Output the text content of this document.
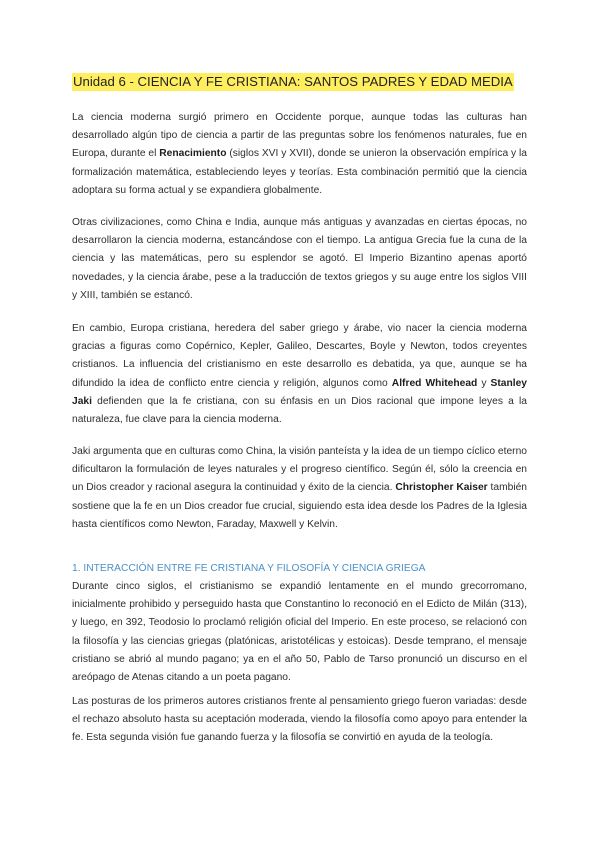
Unidad 6 - CIENCIA Y FE CRISTIANA: SANTOS PADRES Y EDAD MEDIA

La ciencia moderna surgió primero en Occidente porque, aunque todas las culturas han desarrollado algún tipo de ciencia a partir de las preguntas sobre los fenómenos naturales, fue en Europa, durante el Renacimiento (siglos XVI y XVII), donde se unieron la observación empírica y la formalización matemática, estableciendo leyes y teorías. Esta combinación permitió que la ciencia adoptara su forma actual y se expandiera globalmente.

Otras civilizaciones, como China e India, aunque más antiguas y avanzadas en ciertas épocas, no desarrollaron la ciencia moderna, estancándose con el tiempo. La antigua Grecia fue la cuna de la ciencia y las matemáticas, pero su esplendor se agotó. El Imperio Bizantino apenas aportó novedades, y la ciencia árabe, pese a la traducción de textos griegos y su auge entre los siglos VIII y XIII, también se estancó.

En cambio, Europa cristiana, heredera del saber griego y árabe, vio nacer la ciencia moderna gracias a figuras como Copérnico, Kepler, Galileo, Descartes, Boyle y Newton, todos creyentes cristianos. La influencia del cristianismo en este desarrollo es debatida, ya que, aunque se ha difundido la idea de conflicto entre ciencia y religión, algunos como Alfred Whitehead y Stanley Jaki defienden que la fe cristiana, con su énfasis en un Dios racional que impone leyes a la naturaleza, fue clave para la ciencia moderna.

Jaki argumenta que en culturas como China, la visión panteísta y la idea de un tiempo cíclico eterno dificultaron la formulación de leyes naturales y el progreso científico. Según él, sólo la creencia en un Dios creador y racional asegura la continuidad y éxito de la ciencia. Christopher Kaiser también sostiene que la fe en un Dios creador fue crucial, siguiendo esta idea desde los Padres de la Iglesia hasta científicos como Newton, Faraday, Maxwell y Kelvin.

1. INTERACCIÓN ENTRE FE CRISTIANA Y FILOSOFÍA Y CIENCIA GRIEGA

Durante cinco siglos, el cristianismo se expandió lentamente en el mundo grecorromano, inicialmente prohibido y perseguido hasta que Constantino lo reconoció en el Edicto de Milán (313), y luego, en 392, Teodosio lo proclamó religión oficial del Imperio. En este proceso, se relacionó con la filosofía y las ciencias griegas (platónicas, aristotélicas y estoicas). Desde temprano, el mensaje cristiano se abrió al mundo pagano; ya en el año 50, Pablo de Tarso pronunció un discurso en el areópago de Atenas citando a un poeta pagano.

Las posturas de los primeros autores cristianos frente al pensamiento griego fueron variadas: desde el rechazo absoluto hasta su aceptación moderada, viendo la filosofía como apoyo para entender la fe. Esta segunda visión fue ganando fuerza y la filosofía se convirtió en ayuda de la teología.
